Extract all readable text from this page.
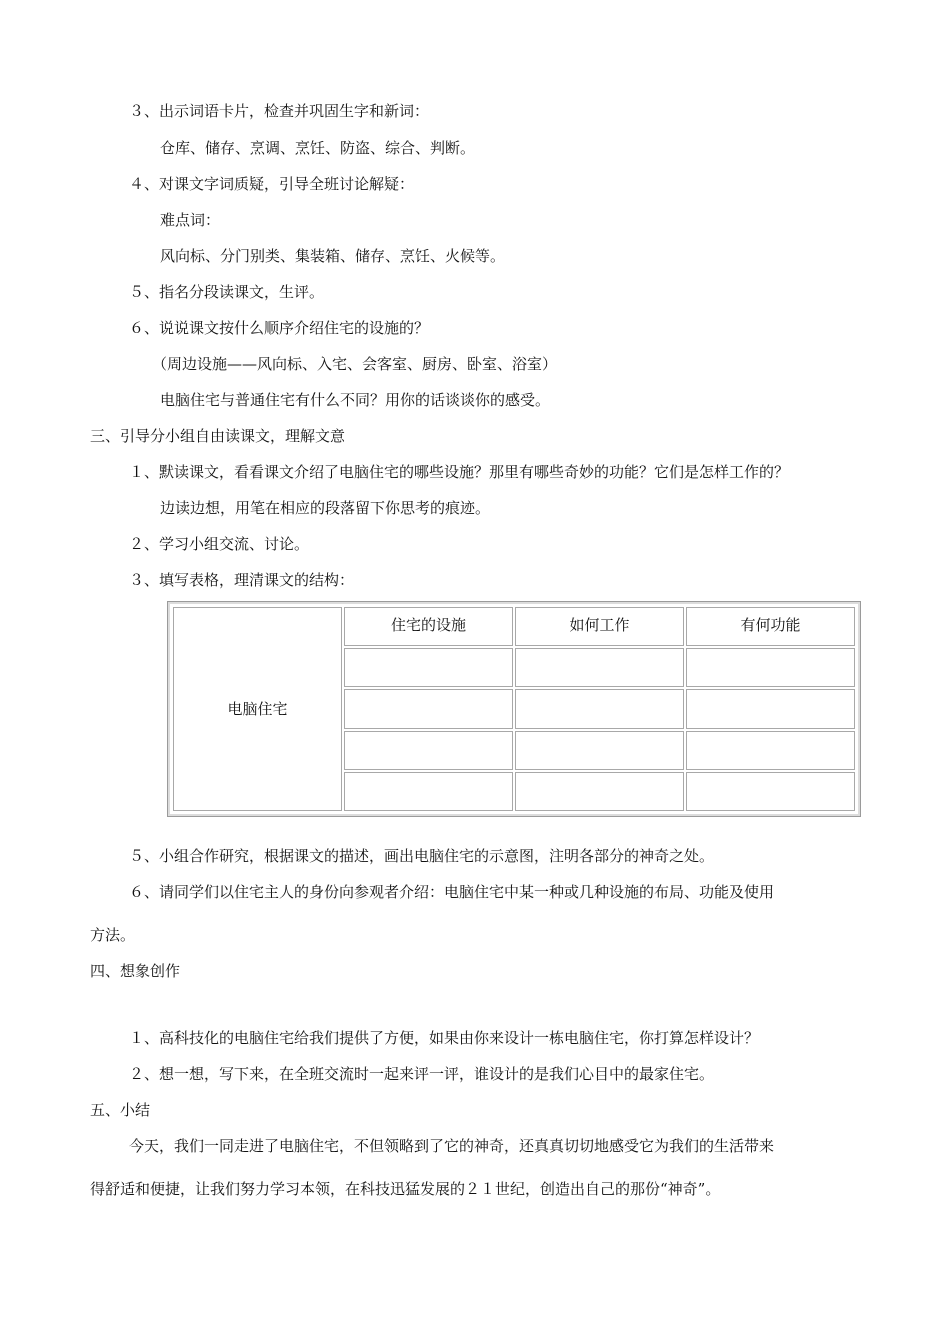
３、出示词语卡片，检查并巩固生字和新词：
仓库、储存、烹调、烹饪、防盗、综合、判断。
４、对课文字词质疑，引导全班讨论解疑：
难点词：
风向标、分门别类、集装箱、储存、烹饪、火候等。
５、指名分段读课文，生评。
６、说说课文按什么顺序介绍住宅的设施的？
（周边设施——风向标、入宅、会客室、厨房、卧室、浴室）
电脑住宅与普通住宅有什么不同？用你的话谈谈你的感受。
三、引导分小组自由读课文，理解文意
１、默读课文，看看课文介绍了电脑住宅的哪些设施？那里有哪些奇妙的功能？它们是怎样工作的？
边读边想，用笔在相应的段落留下你思考的痕迹。
２、学习小组交流、讨论。
３、填写表格，理清课文的结构：
电脑住宅	住宅的设施	如何工作	有何功能

５、小组合作研究，根据课文的描述，画出电脑住宅的示意图，注明各部分的神奇之处。
６、请同学们以住宅主人的身份向参观者介绍：电脑住宅中某一种或几种设施的布局、功能及使用
方法。
四、想象创作
１、高科技化的电脑住宅给我们提供了方便，如果由你来设计一栋电脑住宅，你打算怎样设计？
２、想一想，写下来，在全班交流时一起来评一评，谁设计的是我们心目中的最家住宅。
五、小结
今天，我们一同走进了电脑住宅，不但领略到了它的神奇，还真真切切地感受它为我们的生活带来
得舒适和便捷，让我们努力学习本领，在科技迅猛发展的２１世纪，创造出自己的那份“神奇”。
